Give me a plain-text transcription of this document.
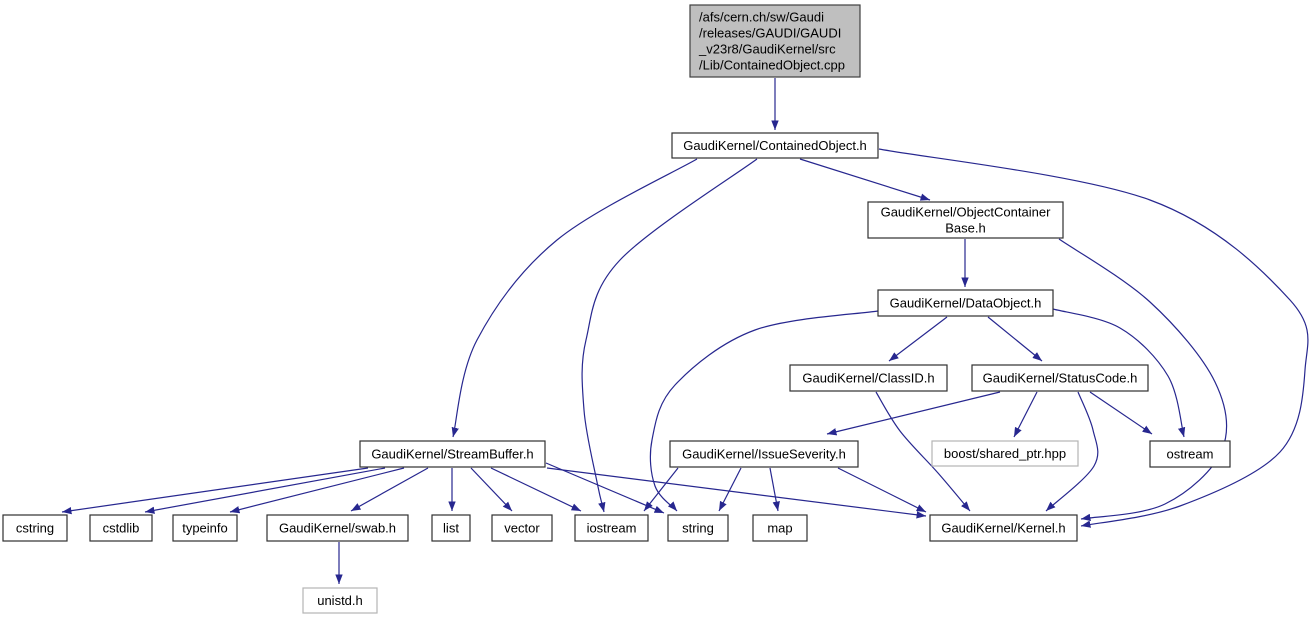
/afs/cern.ch/sw/Gaudi /releases/GAUDI/GAUDI _v23r8/GaudiKernel/src /Lib/ContainedObject.cpp
GaudiKernel/ContainedObject.h
GaudiKernel/ObjectContainer Base.h
GaudiKernel/DataObject.h
GaudiKernel/ClassID.h	GaudiKernel/StatusCode.h
GaudiKernel/StreamBuffer.h	GaudiKernel/IssueSeverity.h	boost/shared_ptr.hpp	ostream
cstring	cstdlib	typeinfo	GaudiKernel/swab.h	list	vector	iostream	string	map	GaudiKernel/Kernel.h
unistd.h
